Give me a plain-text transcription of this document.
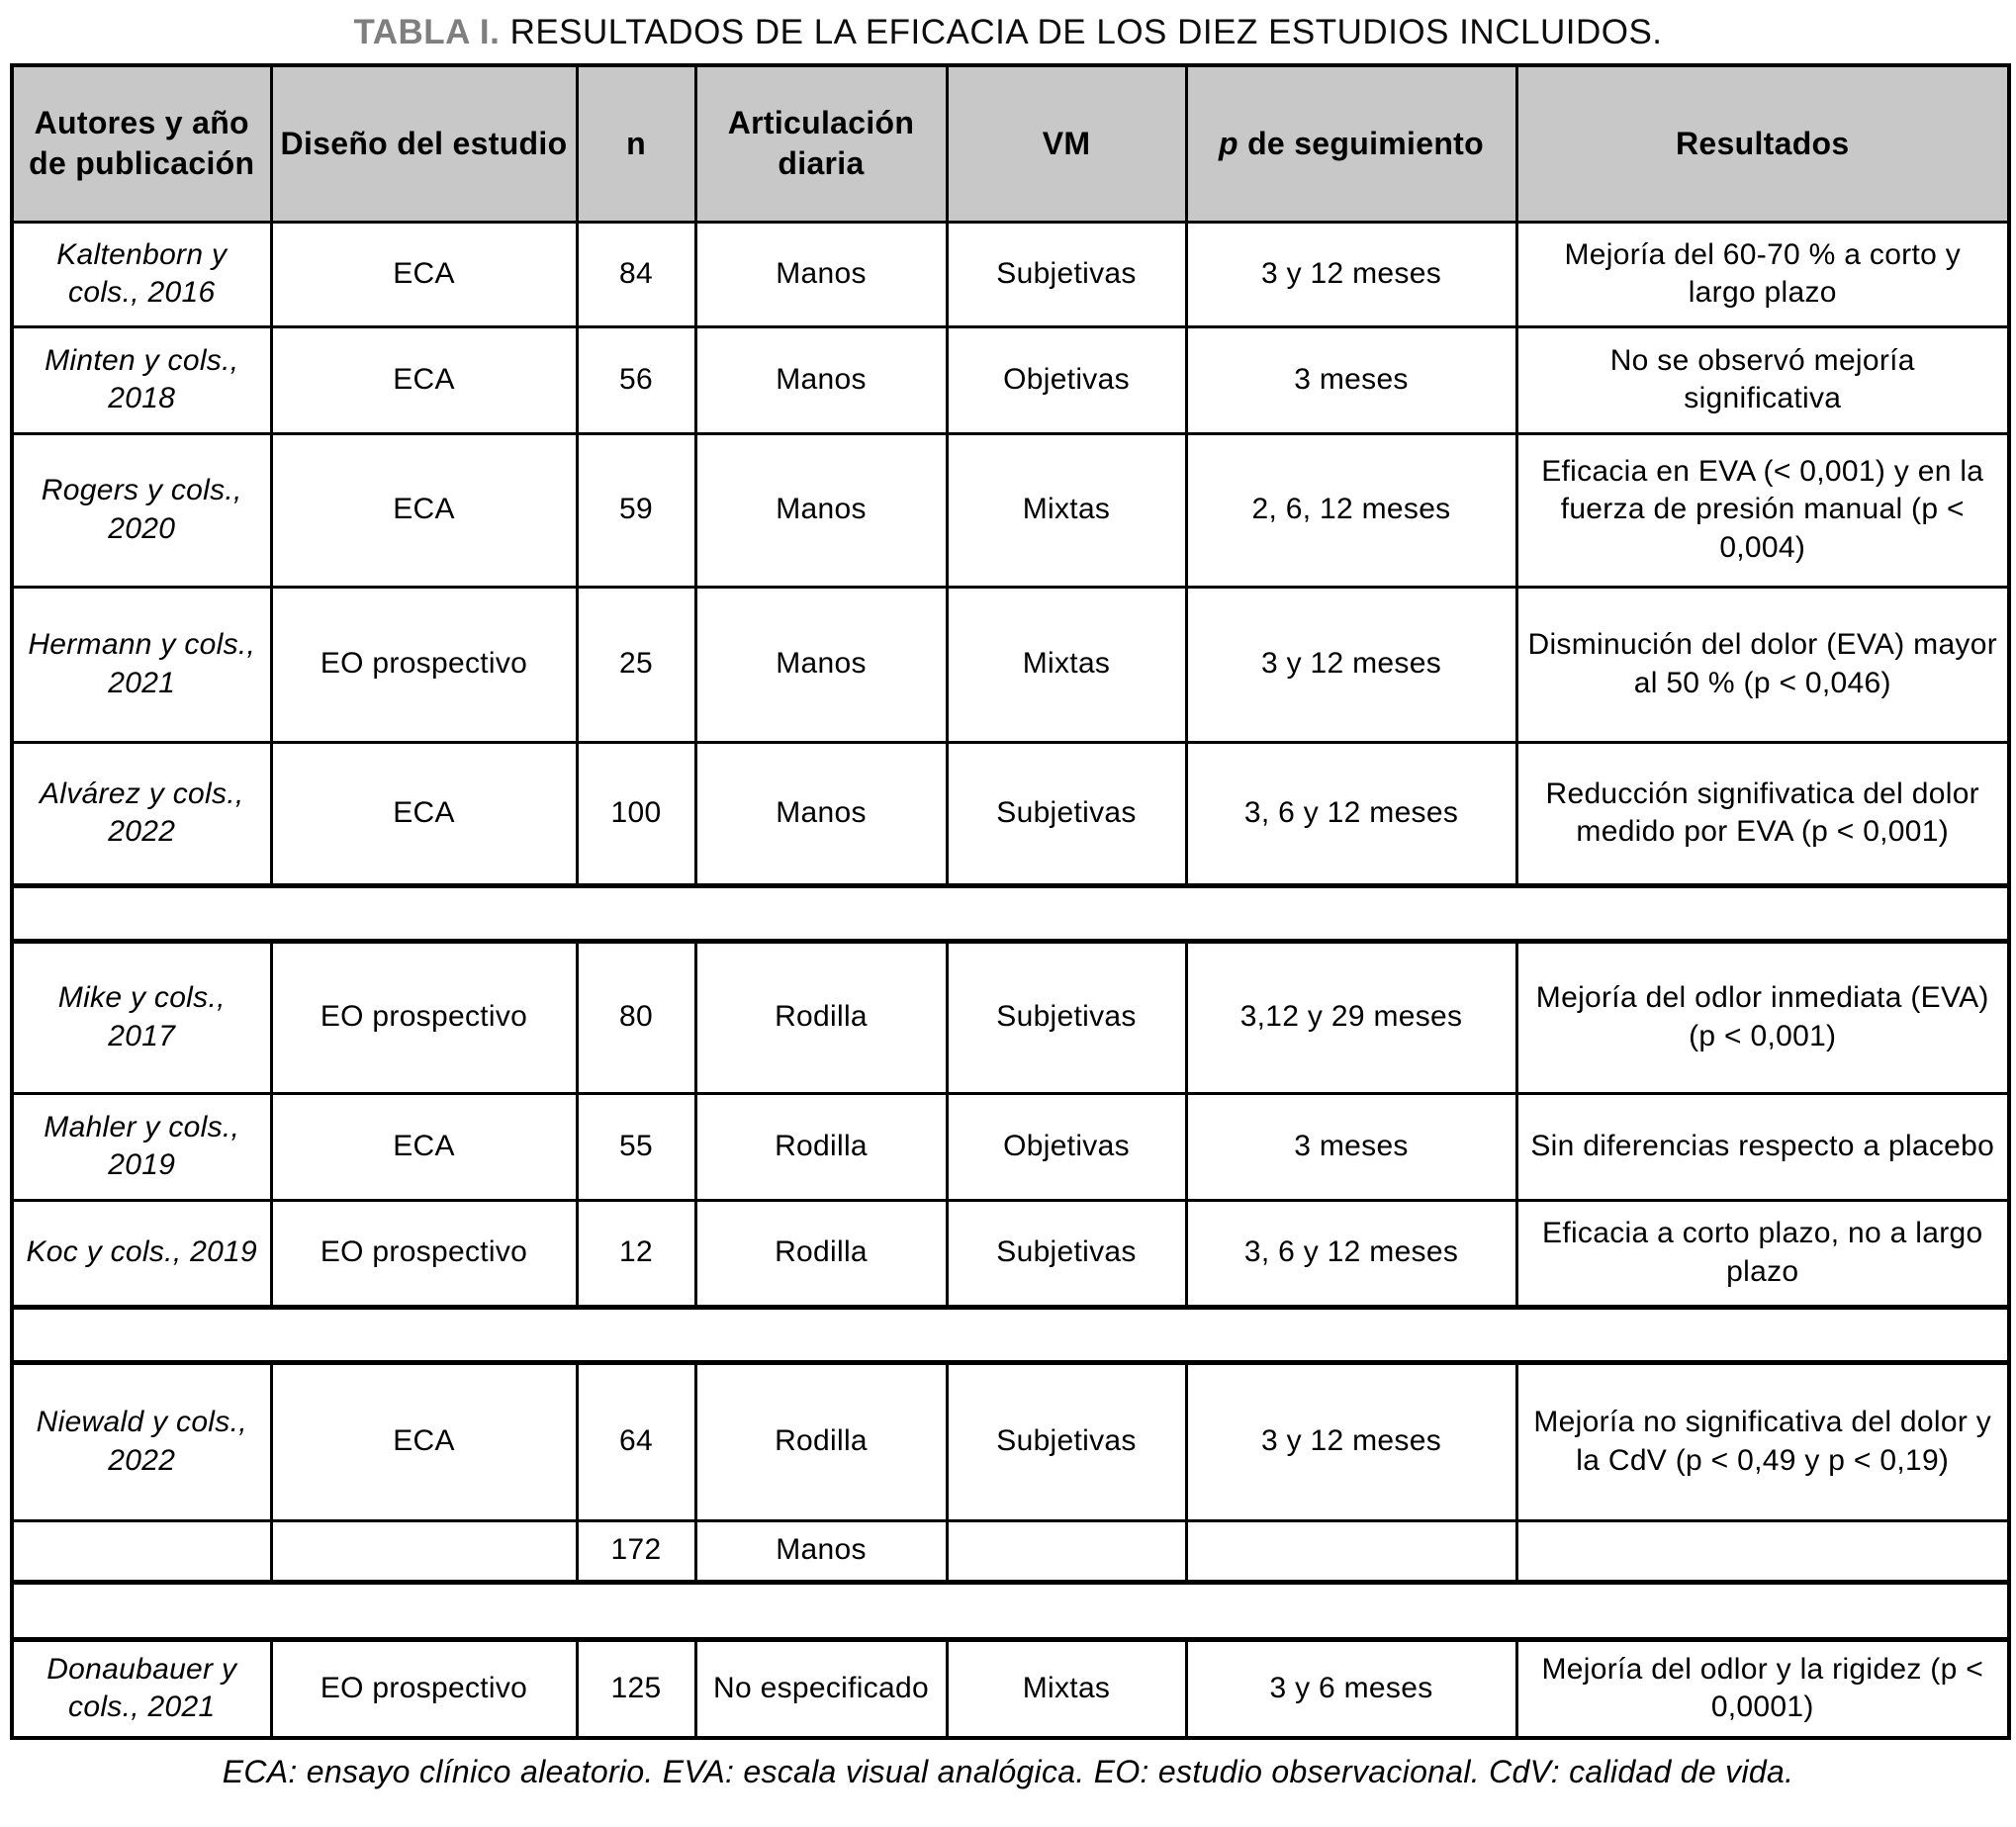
TABLA I. RESULTADOS DE LA EFICACIA DE LOS DIEZ ESTUDIOS INCLUIDOS.
Autores y año de publicación	Diseño del estudio	n	Articulación diaria	VM	p de seguimiento	Resultados
Kaltenborn y cols., 2016	ECA	84	Manos	Subjetivas	3 y 12 meses	Mejoría del 60-70 % a corto y largo plazo
Minten y cols., 2018	ECA	56	Manos	Objetivas	3 meses	No se observó mejoría significativa
Rogers y cols., 2020	ECA	59	Manos	Mixtas	2, 6, 12 meses	Eficacia en EVA (< 0,001) y en la fuerza de presión manual (p < 0,004)
Hermann y cols., 2021	EO prospectivo	25	Manos	Mixtas	3 y 12 meses	Disminución del dolor (EVA) mayor al 50 % (p < 0,046)
Alvárez y cols., 2022	ECA	100	Manos	Subjetivas	3, 6 y 12 meses	Reducción signifivatica del dolor medido por EVA (p < 0,001)

Mike y cols., 2017	EO prospectivo	80	Rodilla	Subjetivas	3,12 y 29 meses	Mejoría del odlor inmediata (EVA) (p < 0,001)
Mahler y cols., 2019	ECA	55	Rodilla	Objetivas	3 meses	Sin diferencias respecto a placebo
Koc y cols., 2019	EO prospectivo	12	Rodilla	Subjetivas	3, 6 y 12 meses	Eficacia a corto plazo, no a largo plazo

Niewald y cols., 2022	ECA	64	Rodilla	Subjetivas	3 y 12 meses	Mejoría no significativa del dolor y la CdV (p < 0,49 y p < 0,19)
		172	Manos			

Donaubauer y cols., 2021	EO prospectivo	125	No especificado	Mixtas	3 y 6 meses	Mejoría del odlor y la rigidez (p < 0,0001)
ECA: ensayo clínico aleatorio. EVA: escala visual analógica. EO: estudio observacional. CdV: calidad de vida.
